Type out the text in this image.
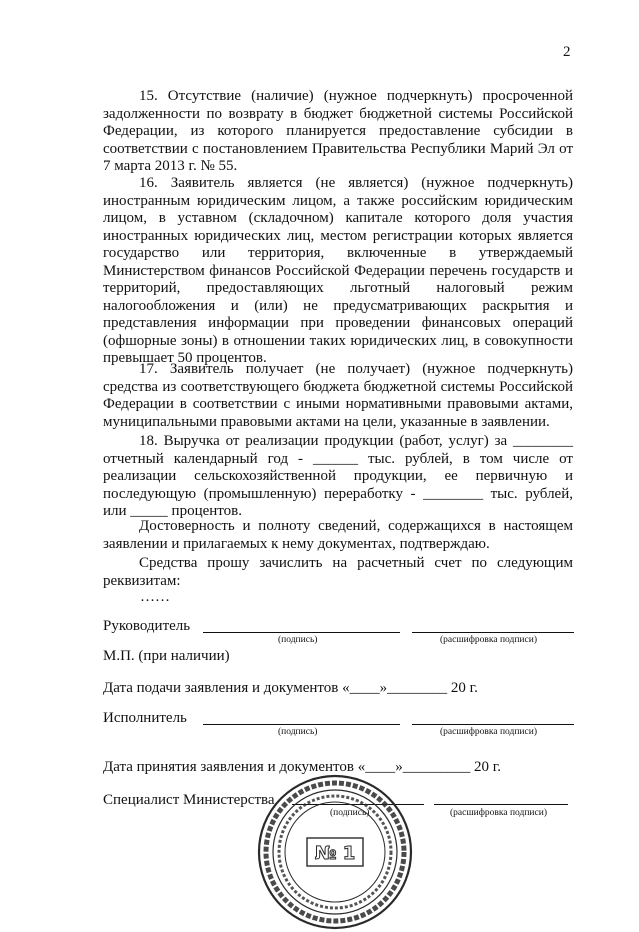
2

15. Отсутствие (наличие) (нужное подчеркнуть) просроченной задолженности по возврату в бюджет бюджетной системы Российской Федерации, из которого планируется предоставление субсидии в соответствии с постановлением Правительства Республики Марий Эл от 7 марта 2013 г. № 55.

16. Заявитель является (не является) (нужное подчеркнуть) иностранным юридическим лицом, а также российским юридическим лицом, в уставном (складочном) капитале которого доля участия иностранных юридических лиц, местом регистрации которых является государство или территория, включенные в утверждаемый Министерством финансов Российской Федерации перечень государств и территорий, предоставляющих льготный налоговый режим налогообложения и (или) не предусматривающих раскрытия и представления информации при проведении финансовых операций (офшорные зоны) в отношении таких юридических лиц, в совокупности превышает 50 процентов.

17. Заявитель получает (не получает) (нужное подчеркнуть) средства из соответствующего бюджета бюджетной системы Российской Федерации в соответствии с иными нормативными правовыми актами, муниципальными правовыми актами на цели, указанные в заявлении.

18. Выручка от реализации продукции (работ, услуг) за ________ отчетный календарный год - ______ тыс. рублей, в том числе от реализации сельскохозяйственной продукции, ее первичную и последующую (промышленную) переработку - ________ тыс. рублей, или _____ процентов.

Достоверность и полноту сведений, содержащихся в настоящем заявлении и прилагаемых к нему документах, подтверждаю.

Средства прошу зачислить на расчетный счет по следующим реквизитам:

……
Руководитель
(подпись)	(расшифровка подписи)
М.П. (при наличии)
Дата подачи заявления и документов «____»________ 20 г.
Исполнитель
(подпись)	(расшифровка подписи)
Дата принятия заявления и документов «____»_________ 20 г.
Специалист Министерства
(подпись)	(расшифровка подписи)
№ 1
